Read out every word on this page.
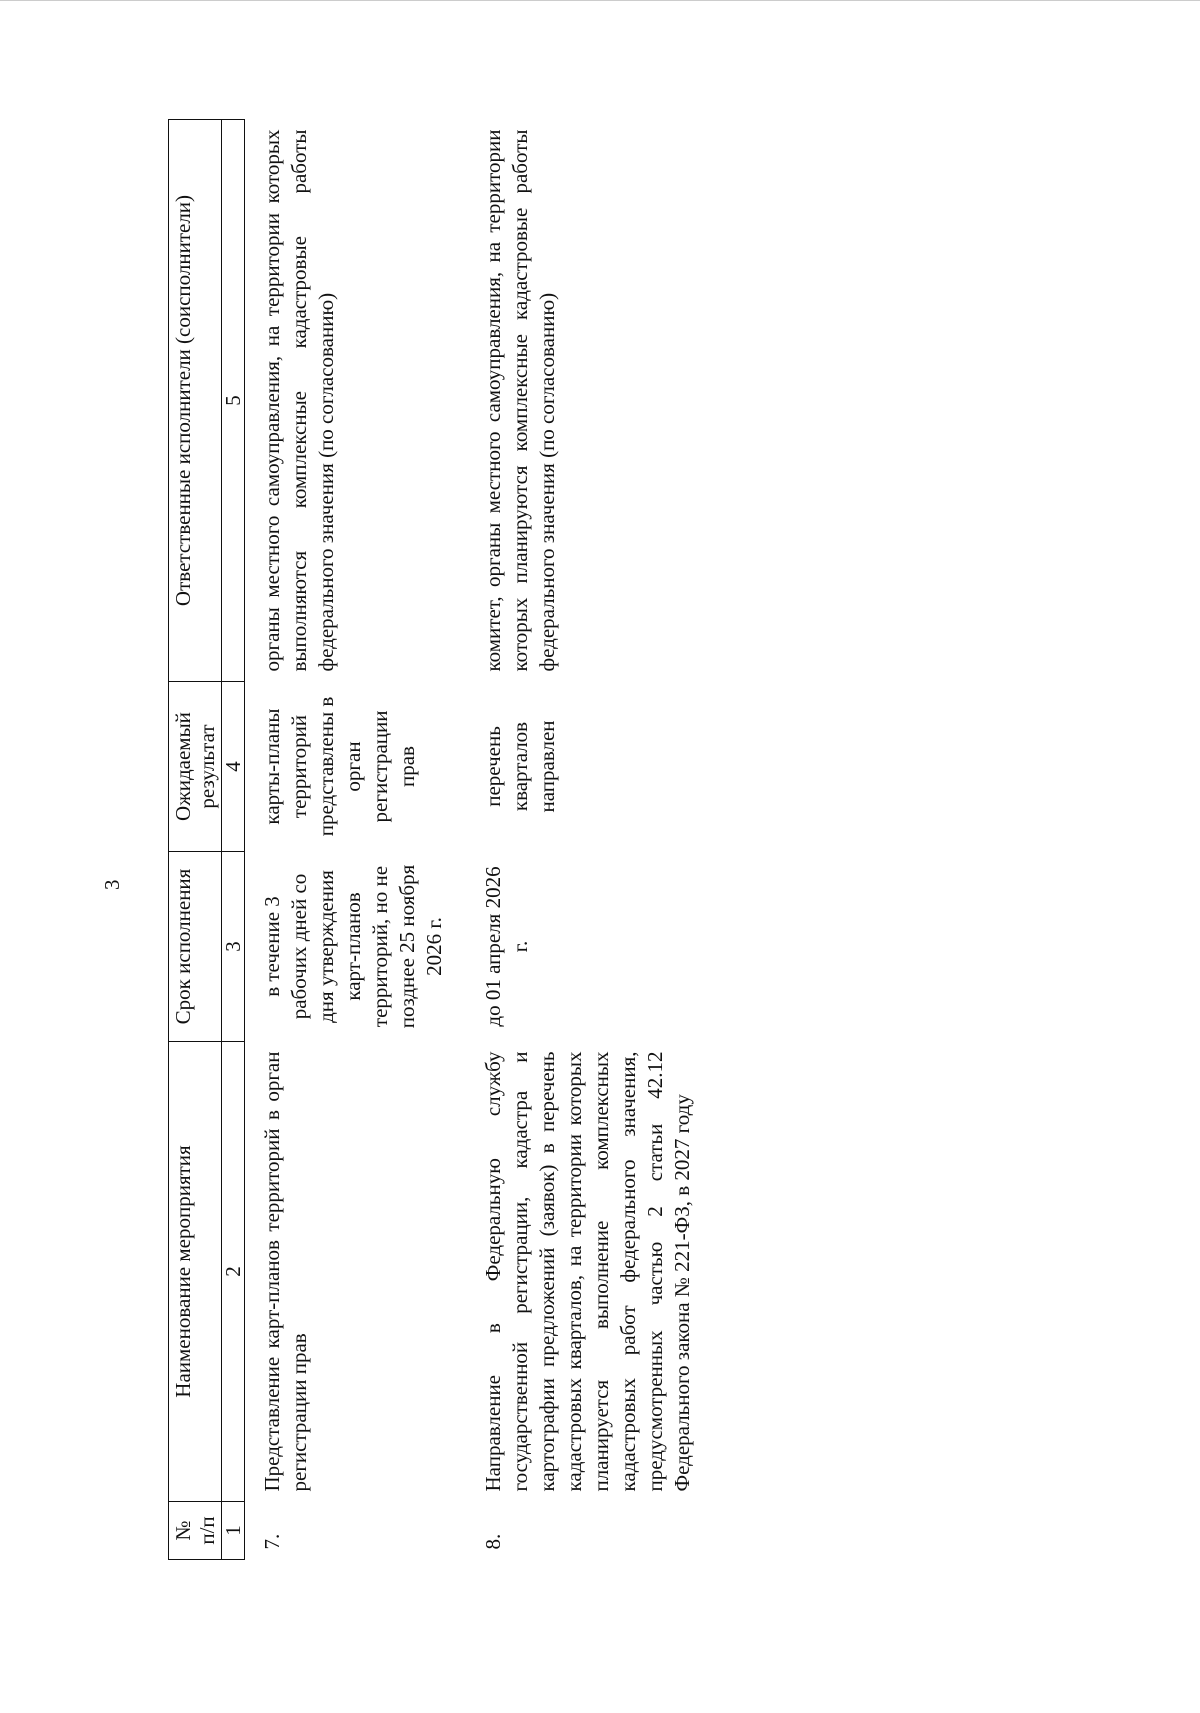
3
№ п/п	Наименование мероприятия	Срок исполнения	Ожидаемый результат	Ответственные исполнители (соисполнители)
1	2	3	4	5
7.	Представление карт-планов территорий в орган регистрации прав	в течение 3 рабочих дней со дня утверждения карт-планов территорий, но не позднее 25 ноября 2026 г.	карты-планы территорий представлены в орган регистрации прав	органы местного самоуправления, на территории которых выполняются комплексные кадастровые работы федерального значения (по согласованию)
8.	Направление в Федеральную службу государственной регистрации, кадастра и картографии предложений (заявок) в перечень кадастровых кварталов, на территории которых планируется выполнение комплексных кадастровых работ федерального значения, предусмотренных частью 2 статьи 42.12 Федерального закона № 221-ФЗ, в 2027 году	до 01 апреля 2026 г.	перечень кварталов направлен	комитет, органы местного самоуправления, на территории которых планируются комплексные кадастровые работы федерального значения (по согласованию)
